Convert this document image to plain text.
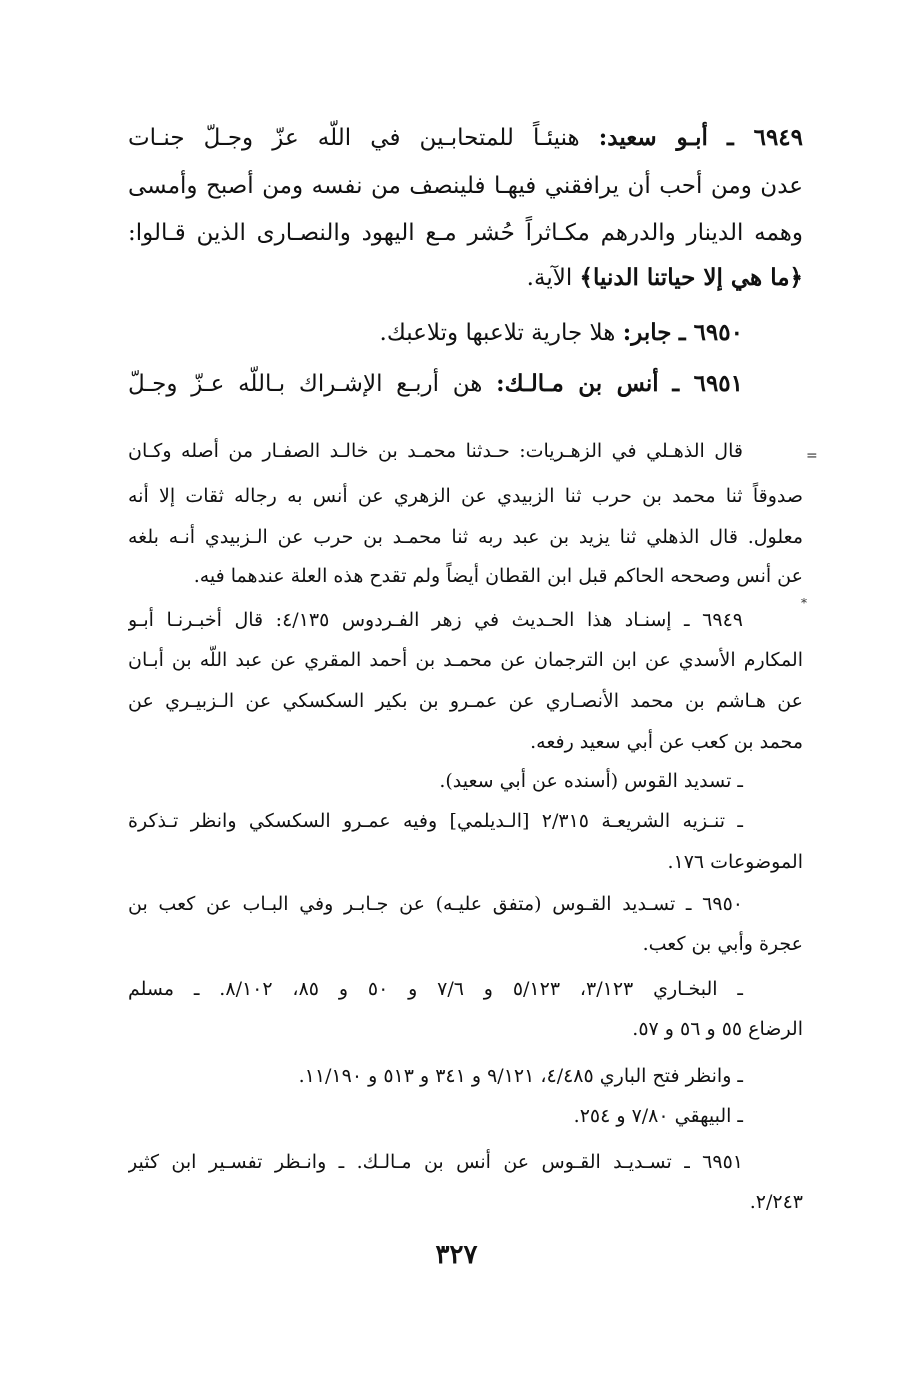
٦٩٤٩ ـ أبـو سعيد: هنيئـاً للمتحابـين في اللَّه عزّ وجـلّ جنـات
عدن ومن أحب أن يرافقني فيهـا فلينصف من نفسه ومن أصبح وأمسى
وهمه الدينار والدرهم مكـاثراً حُشر مـع اليهود والنصـارى الذين قـالوا:
﴿ما هي إلا حياتنا الدنيا﴾ الآية.
٦٩٥٠ ـ جابر: هلا جارية تلاعبها وتلاعبك.
٦٩٥١ ـ أنس بن مـالـك: هن أربـع الإشـراك بـاللَّه عـزّ وجـلّ
=
*
قال الذهـلي في الزهـريات: حـدثنا محمـد بن خالـد الصفـار من أصله وكـان
صدوقاً ثنا محمد بن حرب ثنا الزبيدي عن الزهري عن أنس به رجاله ثقات إلا أنه
معلول. قال الذهلي ثنا يزيد بن عبد ربه ثنا محمـد بن حرب عن الـزبيدي أنـه بلغه
عن أنس وصححه الحاكم قبل ابن القطان أيضاً ولم تقدح هذه العلة عندهما فيه.
٦٩٤٩ ـ إسنـاد هذا الحـديث في زهر الفـردوس ٤/١٣٥: قال أخبـرنـا أبـو
المكارم الأسدي عن ابن الترجمان عن محمـد بن أحمد المقري عن عبد اللَّه بن أبـان
عن هـاشم بن محمد الأنصـاري عن عمـرو بن بكير السكسكي عن الـزبيـري عن
محمد بن كعب عن أبي سعيد رفعه.
ـ تسديد القوس (أسنده عن أبي سعيد).
ـ تنـزيه الشريعـة ٢/٣١٥ [الـديلمي] وفيه عمـرو السكسكي وانظر تـذكرة
الموضوعات ١٧٦.
٦٩٥٠ ـ تسـديد القـوس (متفق عليـه) عن جـابـر وفي البـاب عن كعب بن
عجرة وأبي بن كعب.
ـ البخـاري ٣/١٢٣، ٥/١٢٣ و ٧/٦ و ٥٠ و ٨٥، ٨/١٠٢. ـ مسلم
الرضاع ٥٥ و ٥٦ و ٥٧.
ـ وانظر فتح الباري ٤/٤٨٥، ٩/١٢١ و ٣٤١ و ٥١٣ و ١١/١٩٠.
ـ البيهقي ٧/٨٠ و ٢٥٤.
٦٩٥١ ـ تسـديـد القـوس عن أنس بن مـالـك. ـ وانـظر تفسـير ابن كثير
٢/٢٤٣.
٣٢٧
